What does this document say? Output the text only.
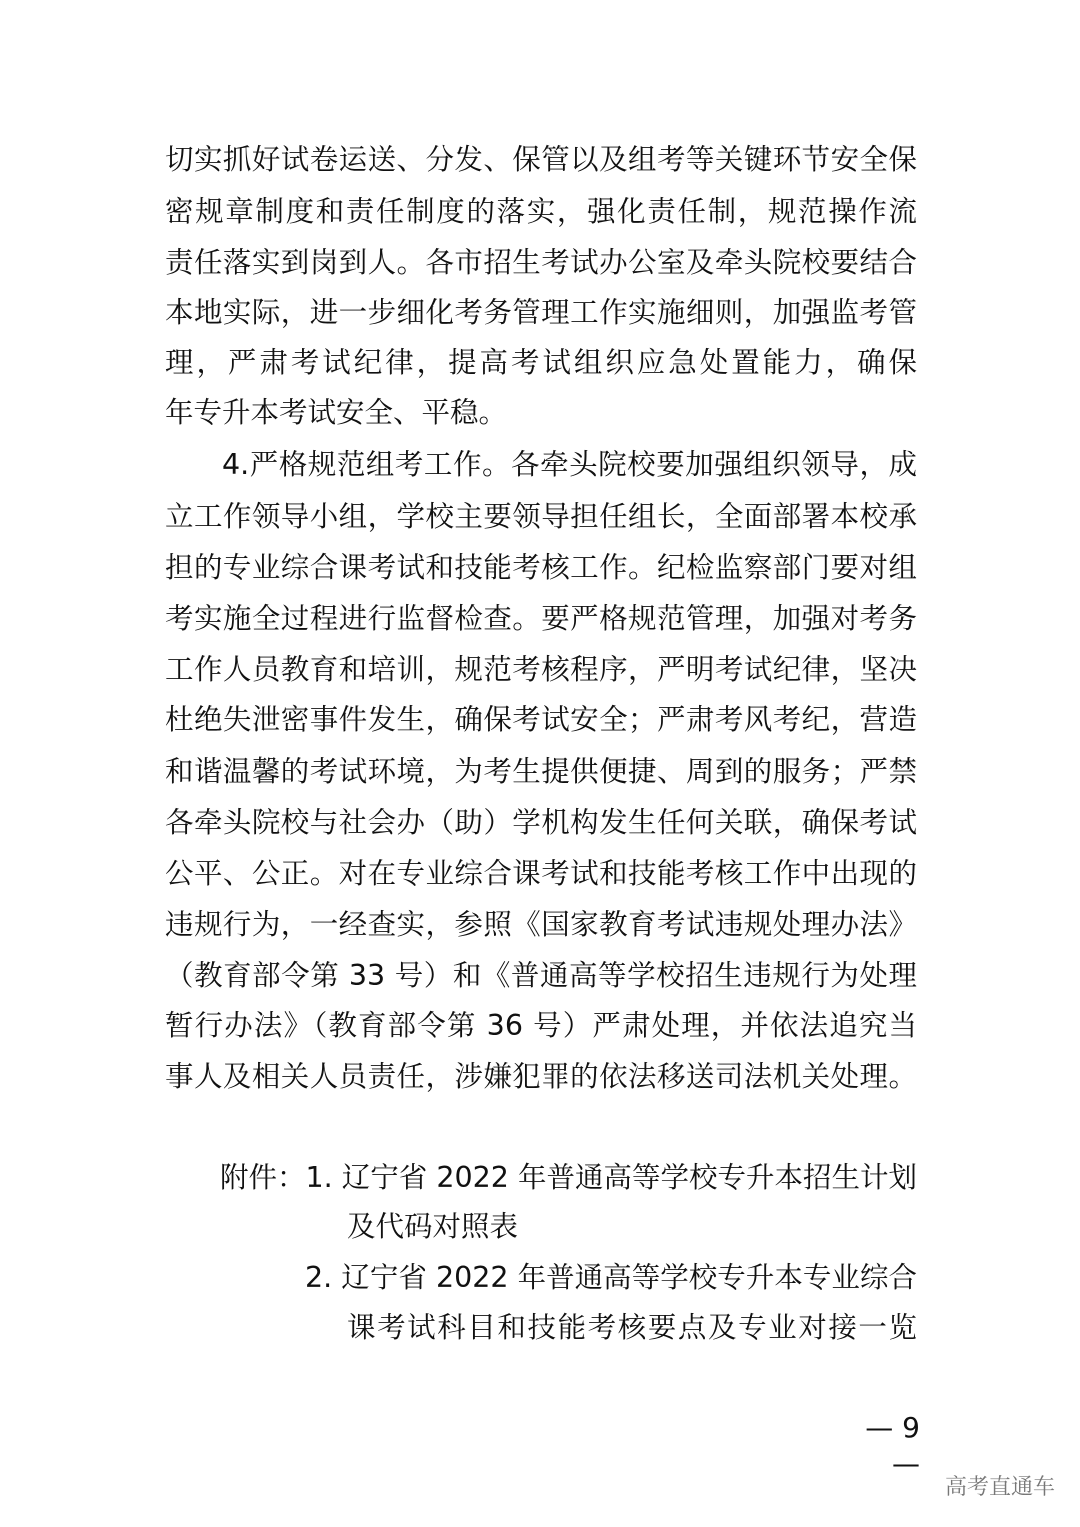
切实抓好试卷运送、分发、保管以及组考等关键环节安全保
密规章制度和责任制度的落实，强化责任制，规范操作流
责任落实到岗到人。各市招生考试办公室及牵头院校要结合
本地实际，进一步细化考务管理工作实施细则，加强监考管
理，严肃考试纪律，提高考试组织应急处置能力，确保
年专升本考试安全、平稳。
4.严格规范组考工作。各牵头院校要加强组织领导，成
立工作领导小组，学校主要领导担任组长，全面部署本校承
担的专业综合课考试和技能考核工作。纪检监察部门要对组
考实施全过程进行监督检查。要严格规范管理，加强对考务
工作人员教育和培训，规范考核程序，严明考试纪律，坚决
杜绝失泄密事件发生，确保考试安全；严肃考风考纪，营造
和谐温馨的考试环境，为考生提供便捷、周到的服务；严禁
各牵头院校与社会办（助）学机构发生任何关联，确保考试
公平、公正。对在专业综合课考试和技能考核工作中出现的
违规行为，一经查实，参照《国家教育考试违规处理办法》
（教育部令第 33 号）和《普通高等学校招生违规行为处理
暂行办法》（教育部令第 36 号）严肃处理，并依法追究当
事人及相关人员责任，涉嫌犯罪的依法移送司法机关处理。
附件：1. 辽宁省 2022 年普通高等学校专升本招生计划
及代码对照表
2. 辽宁省 2022 年普通高等学校专升本专业综合
课考试科目和技能考核要点及专业对接一览
— 9 —
高考直通车
